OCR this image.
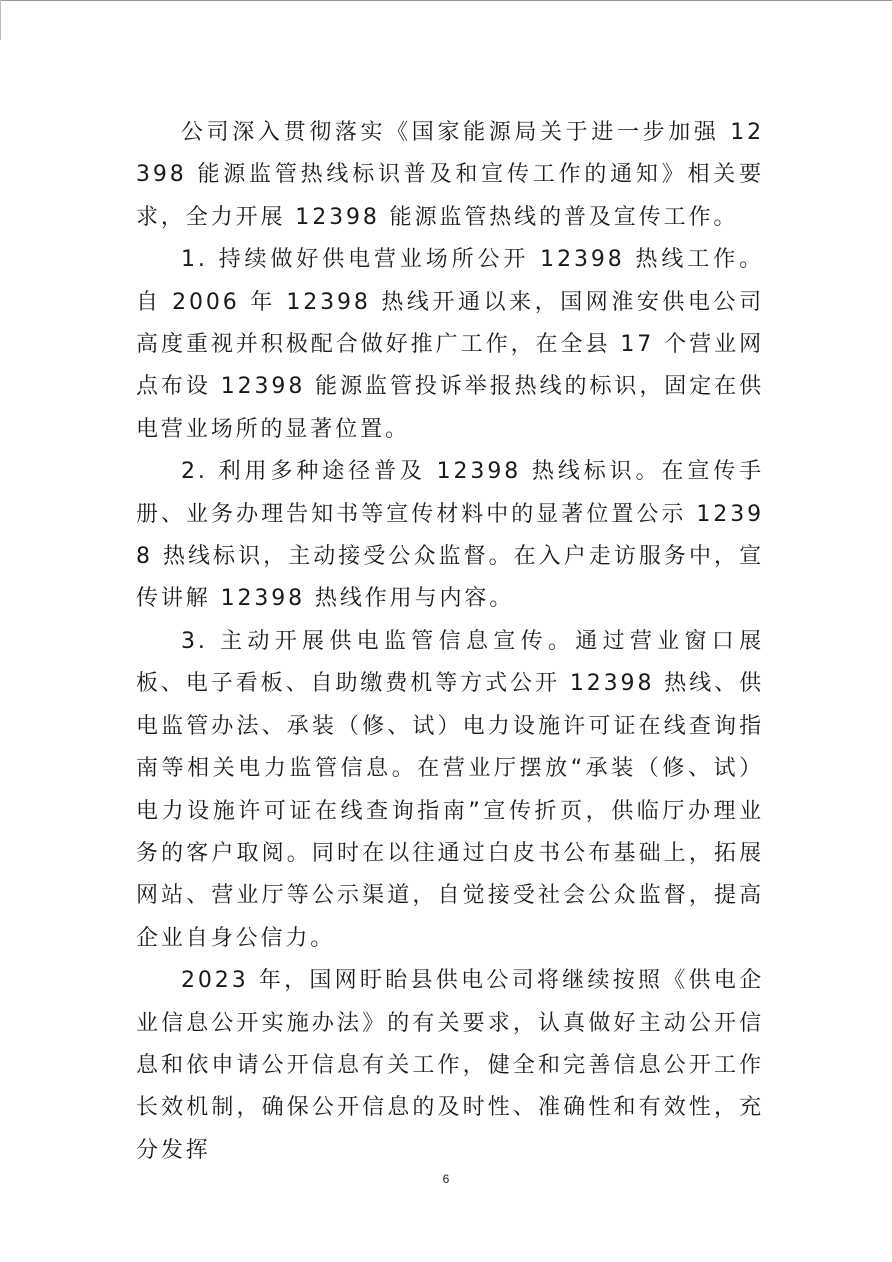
公司深入贯彻落实《国家能源局关于进一步加强 12398 能源监管热线标识普及和宣传工作的通知》相关要求，全力开展 12398 能源监管热线的普及宣传工作。

1. 持续做好供电营业场所公开 12398 热线工作。自 2006 年 12398 热线开通以来，国网淮安供电公司高度重视并积极配合做好推广工作，在全县 17 个营业网点布设 12398 能源监管投诉举报热线的标识，固定在供电营业场所的显著位置。

2. 利用多种途径普及 12398 热线标识。在宣传手册、业务办理告知书等宣传材料中的显著位置公示 12398 热线标识，主动接受公众监督。在入户走访服务中，宣传讲解 12398 热线作用与内容。

3. 主动开展供电监管信息宣传。通过营业窗口展板、电子看板、自助缴费机等方式公开 12398 热线、供电监管办法、承装（修、试）电力设施许可证在线查询指南等相关电力监管信息。在营业厅摆放“承装（修、试）电力设施许可证在线查询指南”宣传折页，供临厅办理业务的客户取阅。同时在以往通过白皮书公布基础上，拓展网站、营业厅等公示渠道，自觉接受社会公众监督，提高企业自身公信力。

2023 年，国网盱眙县供电公司将继续按照《供电企业信息公开实施办法》的有关要求，认真做好主动公开信息和依申请公开信息有关工作，健全和完善信息公开工作长效机制，确保公开信息的及时性、准确性和有效性，充分发挥

6
